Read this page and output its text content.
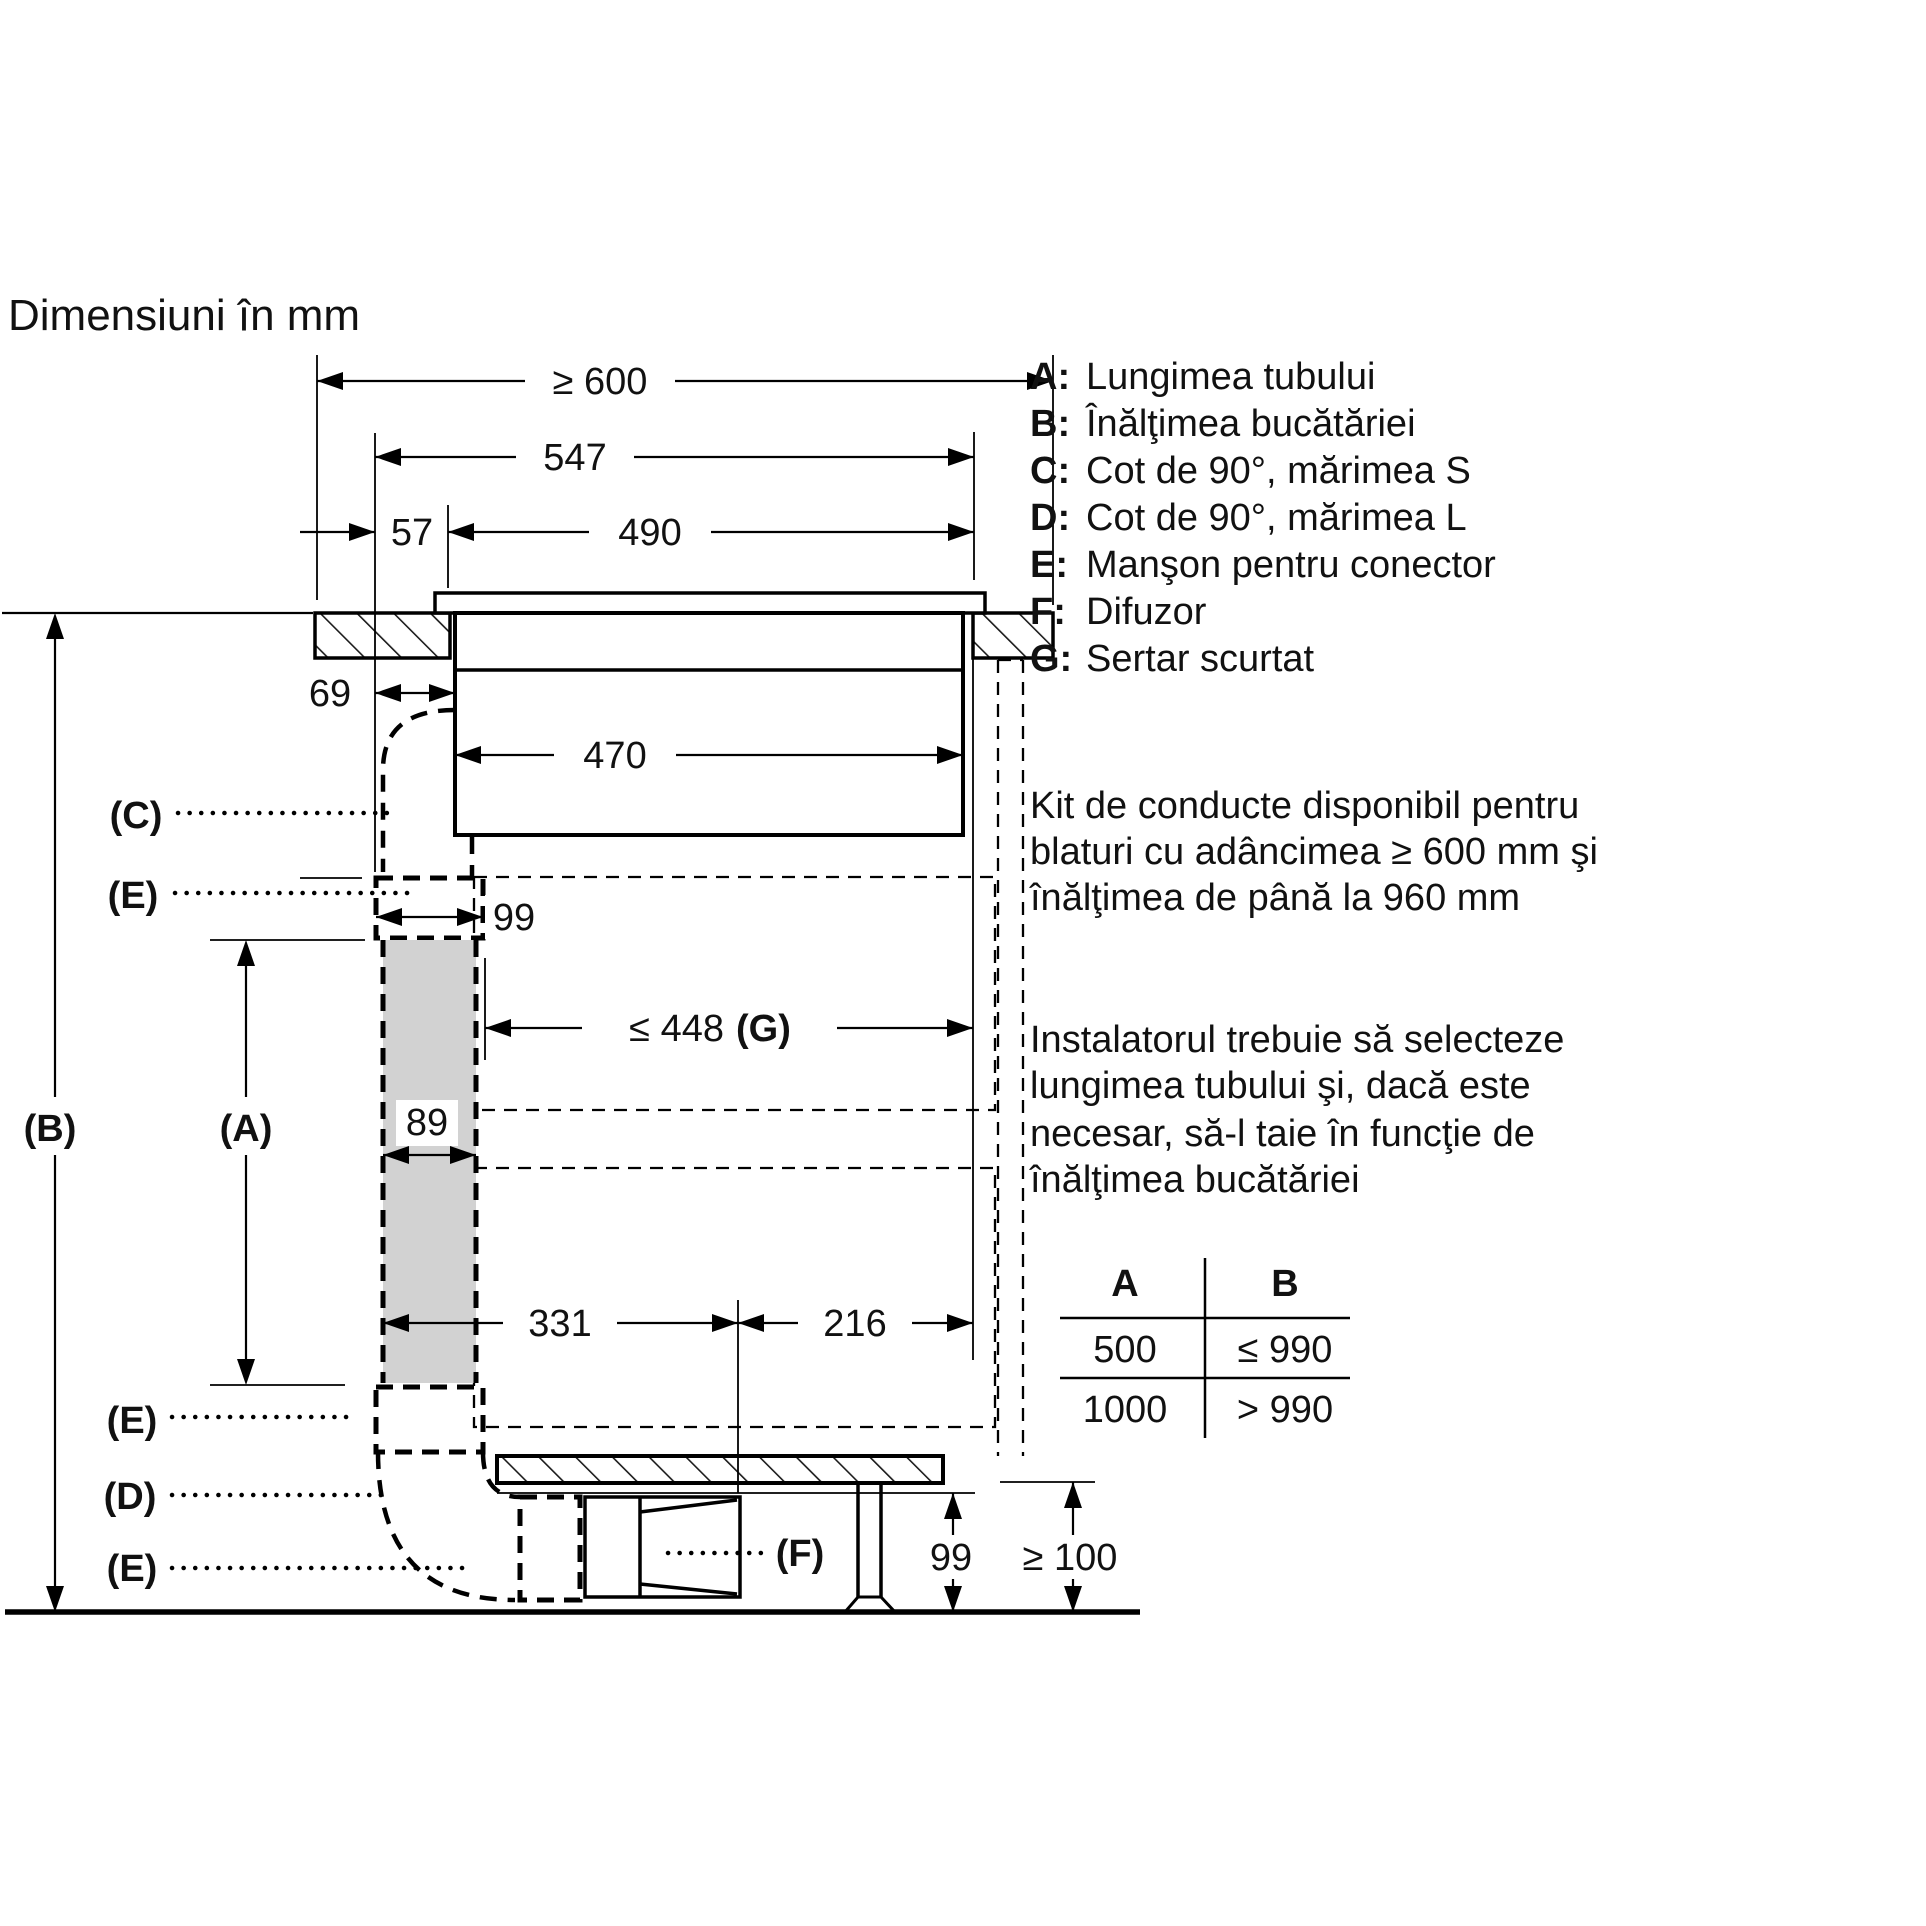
Dimensiuni în mm
≥ 600
547
57	490
69
470
99
≤ 448 (G)
89
331	216
99 ≥ 100
(B)	(A)
(C)
(E)
(E)
(D)
(E)	(F)
A: Lungimea tubului
B: Înălţimea bucătăriei
C: Cot de 90°, mărimea S
D: Cot de 90°, mărimea L
E: Manşon pentru conector
F: Difuzor
G: Sertar scurtat
Kit de conducte disponibil pentru
blaturi cu adâncimea ≥ 600 mm şi
înălţimea de până la 960 mm
Instalatorul trebuie să selecteze
lungimea tubului şi, dacă este
necesar, să-l taie în funcţie de
înălţimea bucătăriei
A	B
500 ≤ 990
1000 > 990
